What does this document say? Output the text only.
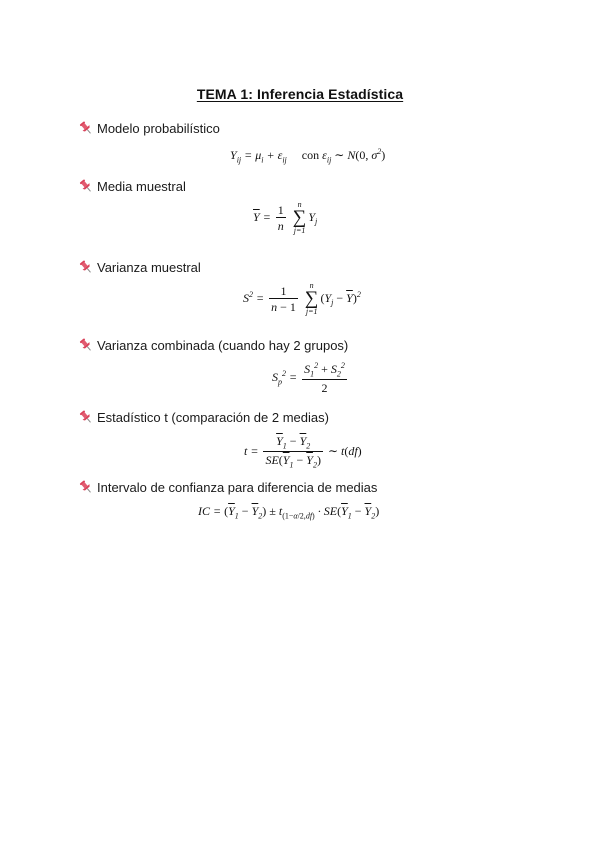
TEMA 1: Inferencia Estadística
Modelo probabilístico
$Y_{ij} = \mu_i + \varepsilon_{ij}$ con $\varepsilon_{ij}$ ∼ N(0, $\sigma^2$)
Media muestral
$\overline{Y} = \frac{1}{n}$
	n
∑
j=1
$Y_j$
Varianza muestral
$S^2 = \frac{1}{n - 1}$
	n
∑
j=1
$(Y_j - \overline{Y})^2$
Varianza combinada (cuando hay 2 grupos)
$S_p^2 = \frac{S_1^2 + S_2^2}{2}$
Estadístico t (comparación de 2 medias)
$t = \frac{\overline{Y}_1 - \overline{Y}_2}{SE(\overline{Y}_1 - \overline{Y}_2)}$ ∼ t(df)
Intervalo de confianza para diferencia de medias
IC = $(\overline{Y}_1 - \overline{Y}_2) \pm t_{(1-\alpha/2,df)} \cdot SE(\overline{Y}_1 - \overline{Y}_2)$
